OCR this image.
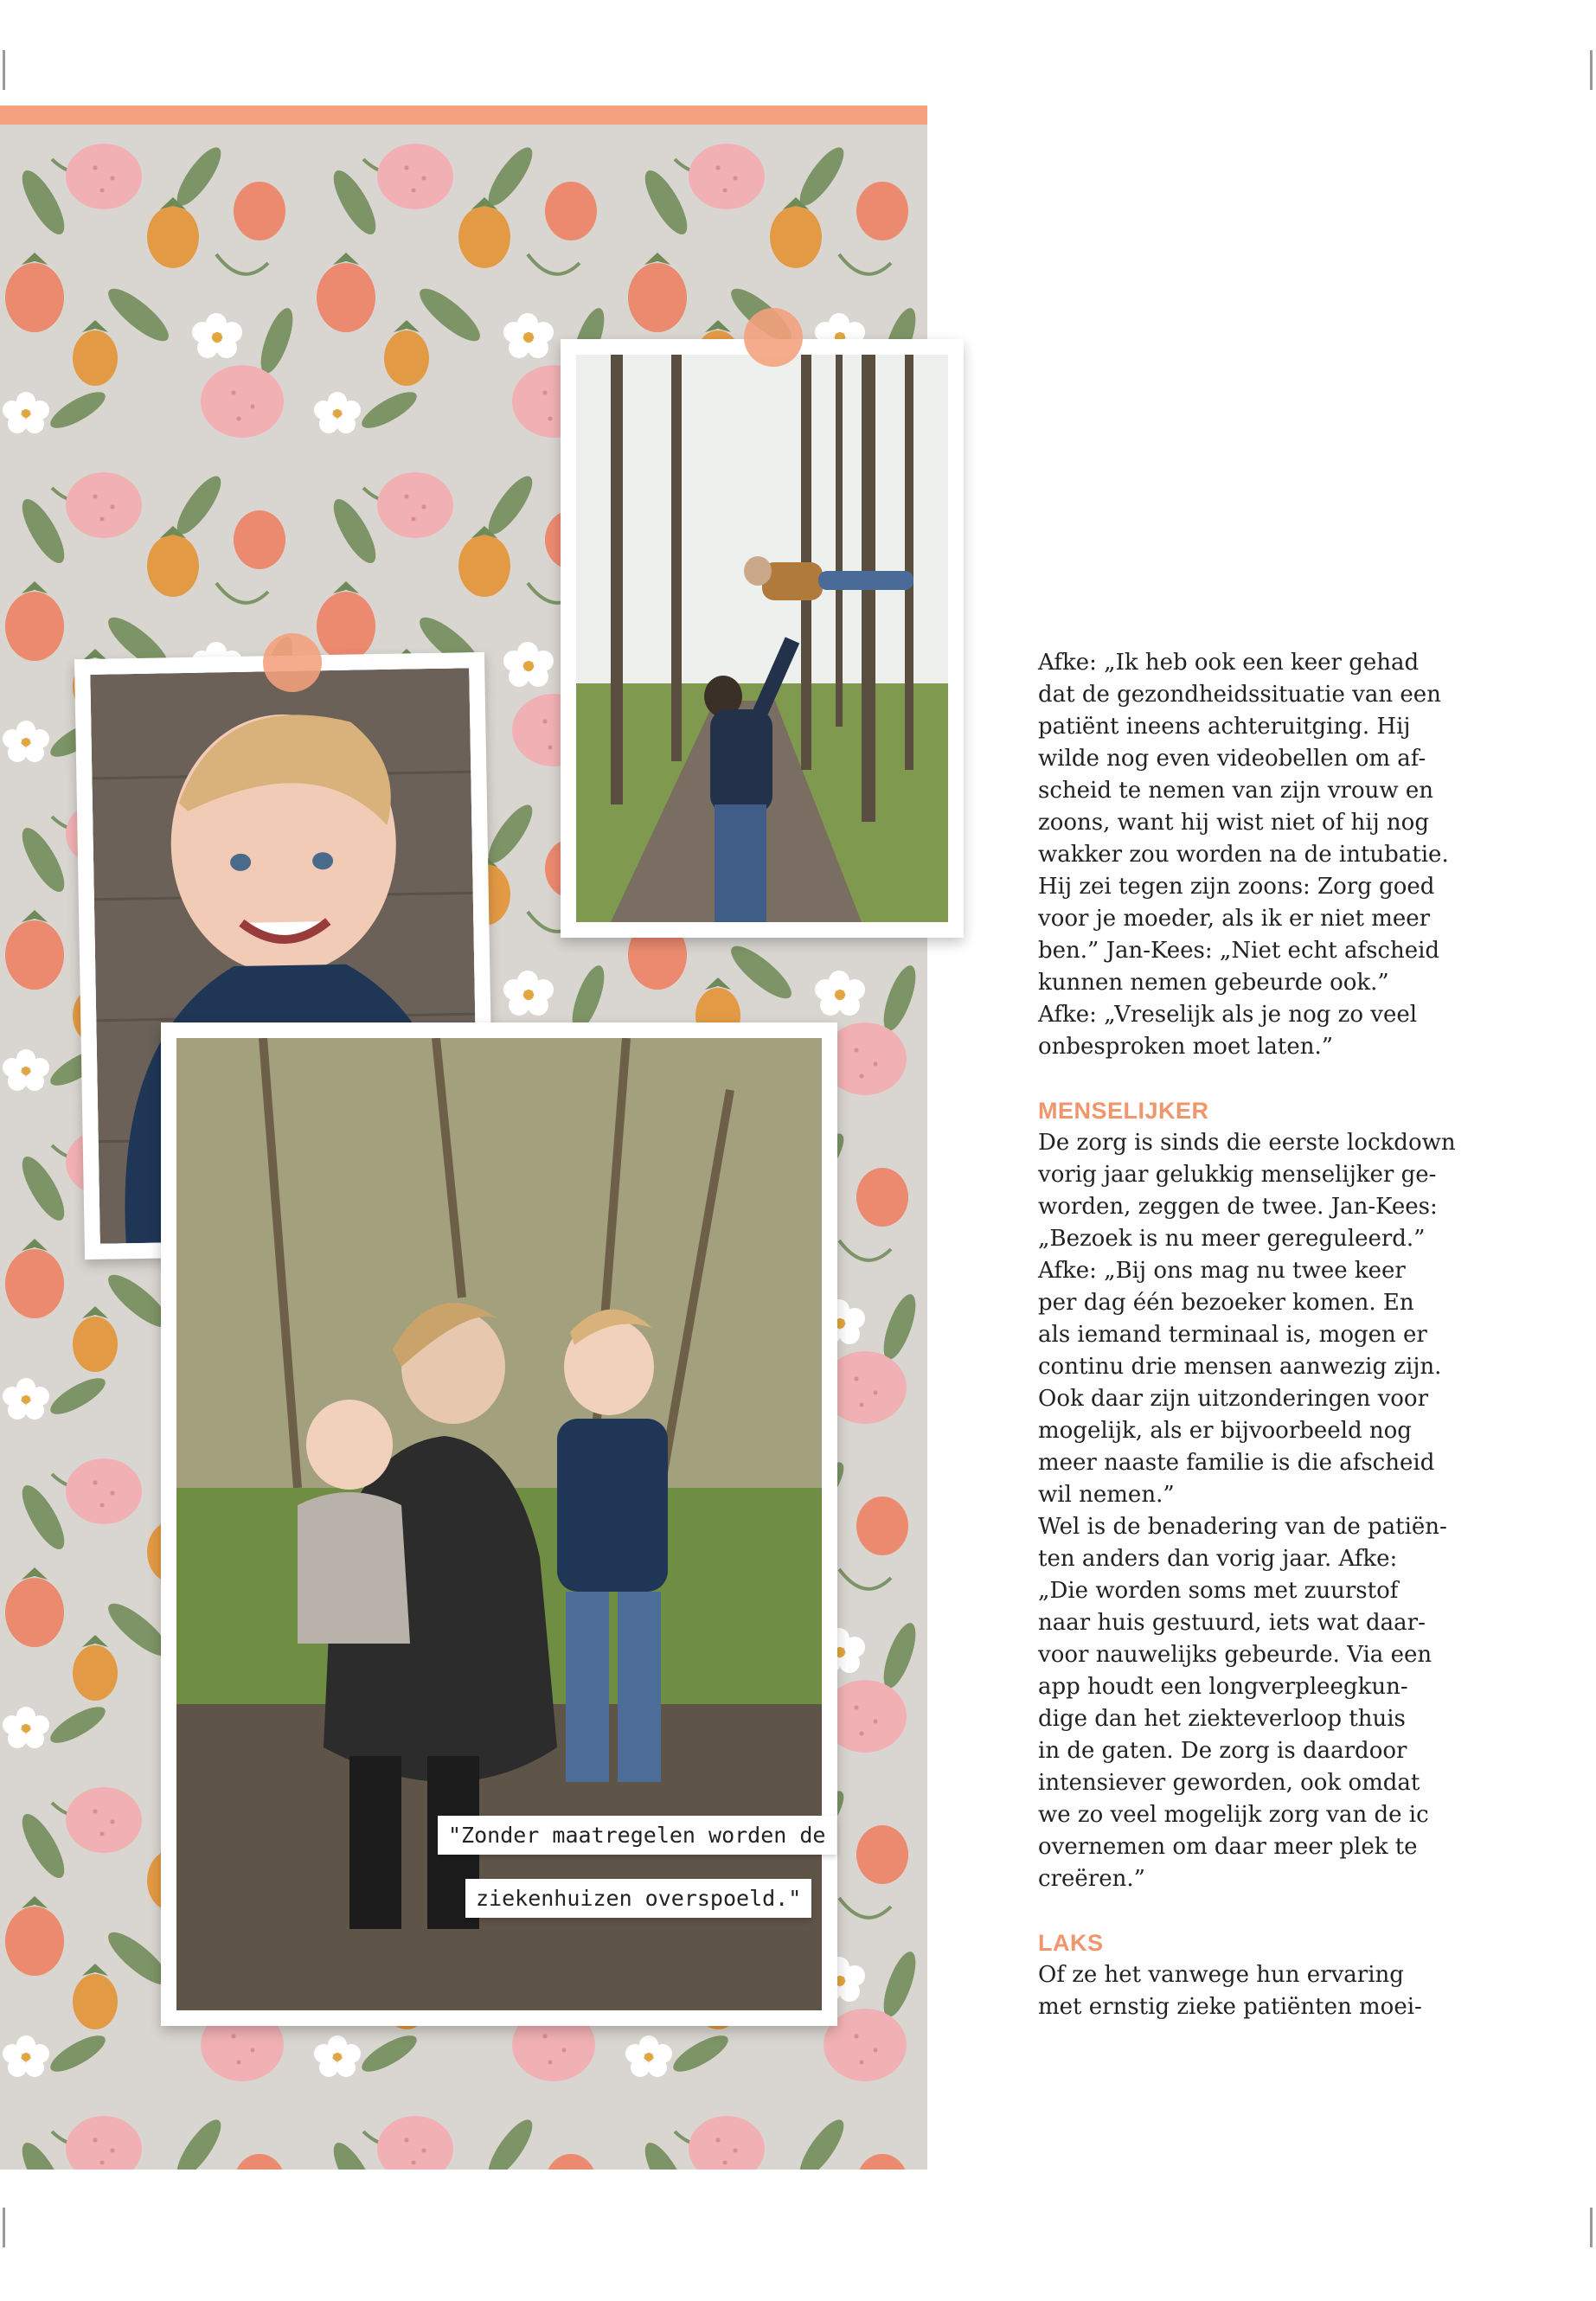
"Zonder maatregelen worden de
ziekenhuizen overspoeld."

Afke: „Ik heb ook een keer gehad

dat de gezondheidssituatie van een

patiënt ineens achteruitging. Hij

wilde nog even videobellen om af-

scheid te nemen van zijn vrouw en

zoons, want hij wist niet of hij nog

wakker zou worden na de intubatie.

Hij zei tegen zijn zoons: Zorg goed

voor je moeder, als ik er niet meer

ben.” Jan-Kees: „Niet echt afscheid

kunnen nemen gebeurde ook.”

Afke: „Vreselijk als je nog zo veel

onbesproken moet laten.”

MENSELIJKER

De zorg is sinds die eerste lockdown

vorig jaar gelukkig menselijker ge-

worden, zeggen de twee. Jan-Kees:

„Bezoek is nu meer gereguleerd.”

Afke: „Bij ons mag nu twee keer

per dag één bezoeker komen. En

als iemand terminaal is, mogen er

continu drie mensen aanwezig zijn.

Ook daar zijn uitzonderingen voor

mogelijk, als er bijvoorbeeld nog

meer naaste familie is die afscheid

wil nemen.”

Wel is de benadering van de patiën-

ten anders dan vorig jaar. Afke:

„Die worden soms met zuurstof

naar huis gestuurd, iets wat daar-

voor nauwelijks gebeurde. Via een

app houdt een longverpleegkun-

dige dan het ziekteverloop thuis

in de gaten. De zorg is daardoor

intensiever geworden, ook omdat

we zo veel mogelijk zorg van de ic

overnemen om daar meer plek te

creëren.”

LAKS

Of ze het vanwege hun ervaring

met ernstig zieke patiënten moei-
